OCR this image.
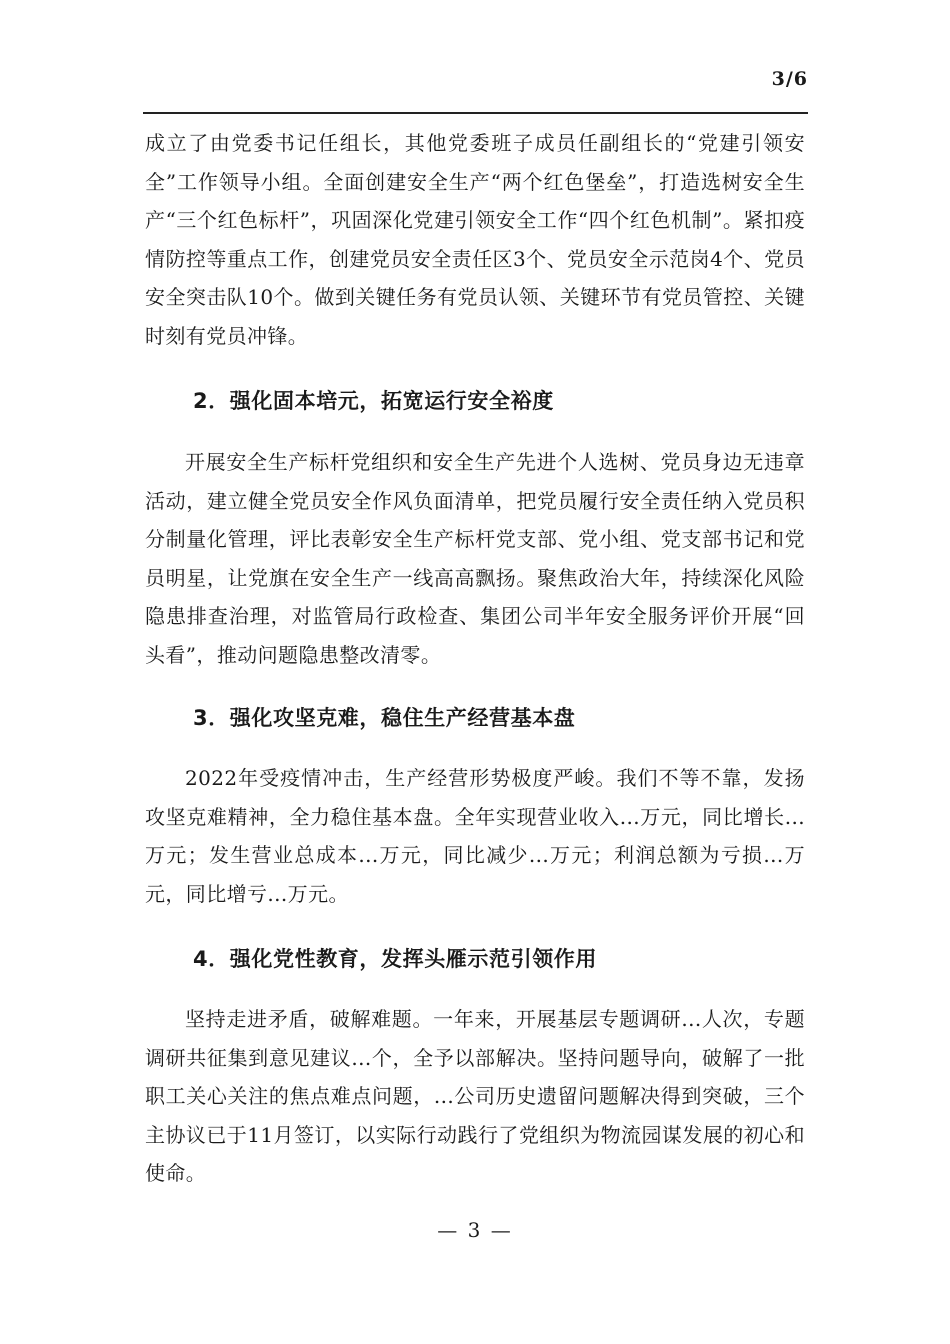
3/6

成立了由党委书记任组长，其他党委班子成员任副组长的“党建引领安全”工作领导小组。全面创建安全生产“两个红色堡垒”，打造选树安全生产“三个红色标杆”，巩固深化党建引领安全工作“四个红色机制”。紧扣疫情防控等重点工作，创建党员安全责任区3个、党员安全示范岗4个、党员安全突击队10个。做到关键任务有党员认领、关键环节有党员管控、关键时刻有党员冲锋。

2．强化固本培元，拓宽运行安全裕度

开展安全生产标杆党组织和安全生产先进个人选树、党员身边无违章活动，建立健全党员安全作风负面清单，把党员履行安全责任纳入党员积分制量化管理，评比表彰安全生产标杆党支部、党小组、党支部书记和党员明星，让党旗在安全生产一线高高飘扬。聚焦政治大年，持续深化风险隐患排查治理，对监管局行政检查、集团公司半年安全服务评价开展“回头看”，推动问题隐患整改清零。

3．强化攻坚克难，稳住生产经营基本盘

2022年受疫情冲击，生产经营形势极度严峻。我们不等不靠，发扬攻坚克难精神，全力稳住基本盘。全年实现营业收入...万元，同比增长...万元；发生营业总成本...万元，同比减少...万元；利润总额为亏损...万元，同比增亏...万元。

4．强化党性教育，发挥头雁示范引领作用

坚持走进矛盾，破解难题。一年来，开展基层专题调研...人次，专题调研共征集到意见建议...个，全予以部解决。坚持问题导向，破解了一批职工关心关注的焦点难点问题，...公司历史遗留问题解决得到突破，三个主协议已于11月签订，以实际行动践行了党组织为物流园谋发展的初心和使命。

— 3 —
